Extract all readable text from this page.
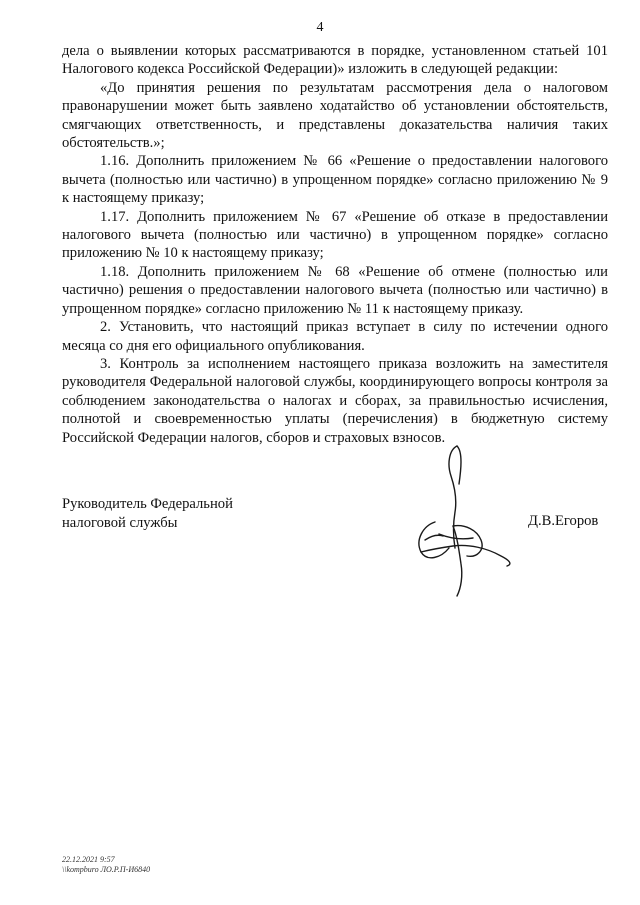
4

дела о выявлении которых рассматриваются в порядке, установленном статьей 101 Налогового кодекса Российской Федерации)» изложить в следующей редакции:

«До принятия решения по результатам рассмотрения дела о налоговом правонарушении может быть заявлено ходатайство об установлении обстоятельств, смягчающих ответственность, и представлены доказательства наличия таких обстоятельств.»;

1.16. Дополнить приложением № 66 «Решение о предоставлении налогового вычета (полностью или частично) в упрощенном порядке» согласно приложению № 9 к настоящему приказу;

1.17. Дополнить приложением № 67 «Решение об отказе в предоставлении налогового вычета (полностью или частично) в упрощенном порядке» согласно приложению № 10 к настоящему приказу;

1.18. Дополнить приложением № 68 «Решение об отмене (полностью или частично) решения о предоставлении налогового вычета (полностью или частично) в упрощенном порядке» согласно приложению № 11 к настоящему приказу.

2. Установить, что настоящий приказ вступает в силу по истечении одного месяца со дня его официального опубликования.

3. Контроль за исполнением настоящего приказа возложить на заместителя руководителя Федеральной налоговой службы, координирующего вопросы контроля за соблюдением законодательства о налогах и сборах, за правильностью исчисления, полнотой и своевременностью уплаты (перечисления) в бюджетную систему Российской Федерации налогов, сборов и страховых взносов.

Руководитель Федеральной
налоговой службы	Д.В.Егоров
22.12.2021 9:57
\\kompburo ЛО.Р.П-И6840
